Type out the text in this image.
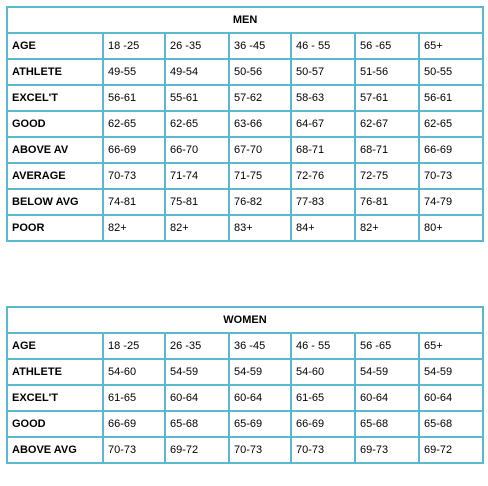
MEN						
AGE	18 -25	26 -35	36 -45	46 - 55	56 -65	65+
ATHLETE	49-55	49-54	50-56	50-57	51-56	50-55
EXCEL'T	56-61	55-61	57-62	58-63	57-61	56-61
GOOD	62-65	62-65	63-66	64-67	62-67	62-65
ABOVE AV	66-69	66-70	67-70	68-71	68-71	66-69
AVERAGE	70-73	71-74	71-75	72-76	72-75	70-73
BELOW AVG	74-81	75-81	76-82	77-83	76-81	74-79
POOR	82+	82+	83+	84+	82+	80+
WOMEN						
AGE	18 -25	26 -35	36 -45	46 - 55	56 -65	65+
ATHLETE	54-60	54-59	54-59	54-60	54-59	54-59
EXCEL'T	61-65	60-64	60-64	61-65	60-64	60-64
GOOD	66-69	65-68	65-69	66-69	65-68	65-68
ABOVE AVG	70-73	69-72	70-73	70-73	69-73	69-72
